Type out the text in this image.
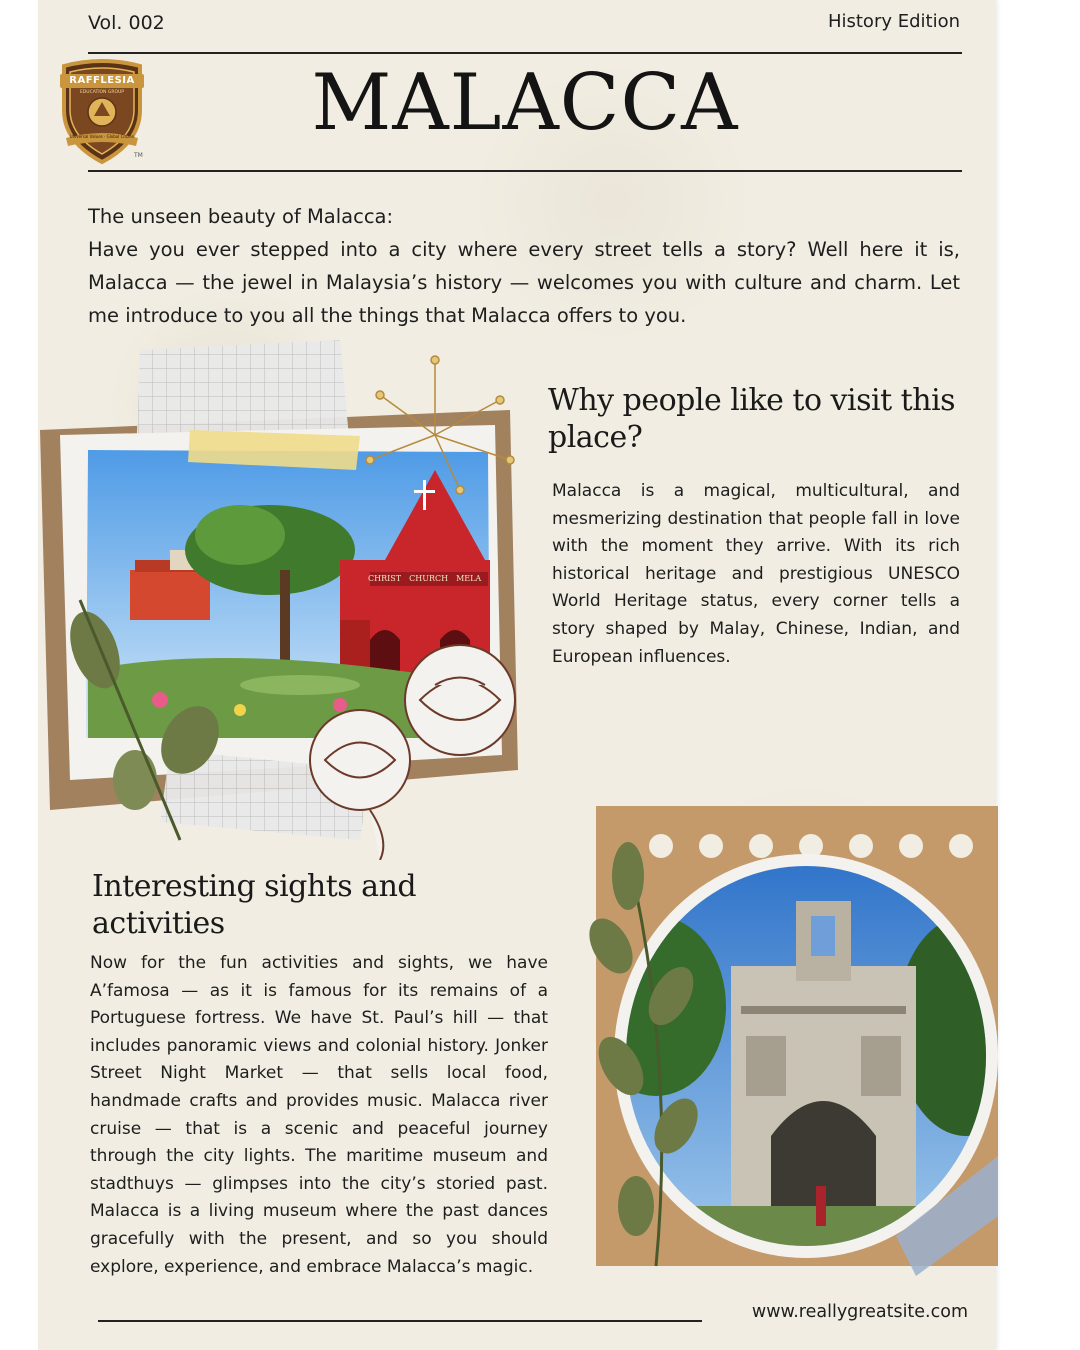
Vol. 002	History Edition
MALACCA
RAFFLESIA
EDUCATION GROUP
Universal Values · Global Citizen
TM

The unseen beauty of Malacca:

Have you ever stepped into a city where every street tells a story? Well here it is, Malacca — the jewel in Malaysia’s history — welcomes you with culture and charm. Let me introduce to you all the things that Malacca offers to you.

CHRIST CHURCH MELA
Why people like to visit this place?
Malacca is a magical, multicultural, and mesmerizing destination that people fall in love with the moment they arrive. With its rich historical heritage and prestigious UNESCO World Heritage status, every corner tells a story shaped by Malay, Chinese, Indian, and European influences.
Interesting sights and activities
Now for the fun activities and sights, we have A’famosa — as it is famous for its remains of a Portuguese fortress. We have St. Paul’s hill — that includes panoramic views and colonial history. Jonker Street Night Market — that sells local food, handmade crafts and provides music. Malacca river cruise — that is a scenic and peaceful journey through the city lights. The maritime museum and stadthuys — glimpses into the city’s storied past. Malacca is a living museum where the past dances gracefully with the present, and so you should explore, experience, and embrace Malacca’s magic.
www.reallygreatsite.com
